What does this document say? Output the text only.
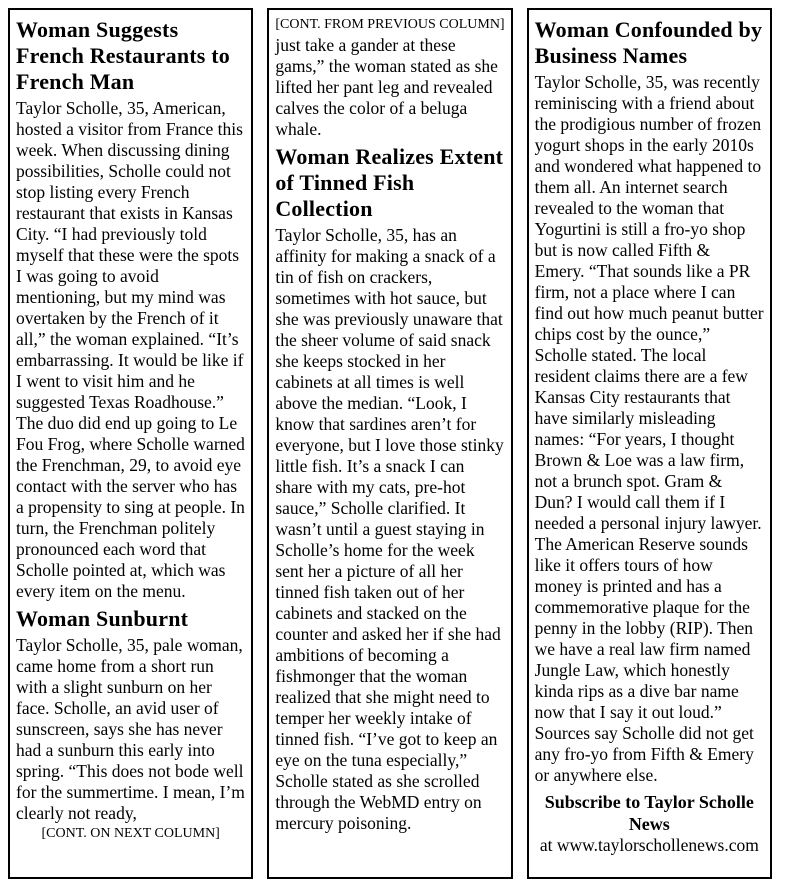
Woman Suggests French Restaurants to French Man

Taylor Scholle, 35, American, hosted a visitor from France this week. When discussing dining possibilities, Scholle could not stop listing every French restaurant that exists in Kansas City. “I had previously told myself that these were the spots I was going to avoid mentioning, but my mind was overtaken by the French of it all,” the woman explained. “It’s embarrassing. It would be like if I went to visit him and he suggested Texas Roadhouse.” The duo did end up going to Le Fou Frog, where Scholle warned the Frenchman, 29, to avoid eye contact with the server who has a propensity to sing at people. In turn, the Frenchman politely pronounced each word that Scholle pointed at, which was every item on the menu.

Woman Sunburnt

Taylor Scholle, 35, pale woman, came home from a short run with a slight sunburn on her face. Scholle, an avid user of sunscreen, says she has never had a sunburn this early into spring. “This does not bode well for the summertime. I mean, I’m clearly not ready,

[CONT. ON NEXT COLUMN]
[CONT. FROM PREVIOUS COLUMN]

just take a gander at these gams,” the woman stated as she lifted her pant leg and revealed calves the color of a beluga whale.

Woman Realizes Extent of Tinned Fish Collection

Taylor Scholle, 35, has an affinity for making a snack of a tin of fish on crackers, sometimes with hot sauce, but she was previously unaware that the sheer volume of said snack she keeps stocked in her cabinets at all times is well above the median. “Look, I know that sardines aren’t for everyone, but I love those stinky little fish. It’s a snack I can share with my cats, pre-hot sauce,” Scholle clarified. It wasn’t until a guest staying in Scholle’s home for the week sent her a picture of all her tinned fish taken out of her cabinets and stacked on the counter and asked her if she had ambitions of becoming a fishmonger that the woman realized that she might need to temper her weekly intake of tinned fish. “I’ve got to keep an eye on the tuna especially,” Scholle stated as she scrolled through the WebMD entry on mercury poisoning.

Woman Confounded by Business Names

Taylor Scholle, 35, was recently reminiscing with a friend about the prodigious number of frozen yogurt shops in the early 2010s and wondered what happened to them all. An internet search revealed to the woman that Yogurtini is still a fro-yo shop but is now called Fifth & Emery. “That sounds like a PR firm, not a place where I can find out how much peanut butter chips cost by the ounce,” Scholle stated. The local resident claims there are a few Kansas City restaurants that have similarly misleading names: “For years, I thought Brown & Loe was a law firm, not a brunch spot. Gram & Dun? I would call them if I needed a personal injury lawyer. The American Reserve sounds like it offers tours of how money is printed and has a commemorative plaque for the penny in the lobby (RIP). Then we have a real law firm named Jungle Law, which honestly kinda rips as a dive bar name now that I say it out loud.” Sources say Scholle did not get any fro-yo from Fifth & Emery or anywhere else.

Subscribe to Taylor Scholle News
at www.taylorschollenews.com
